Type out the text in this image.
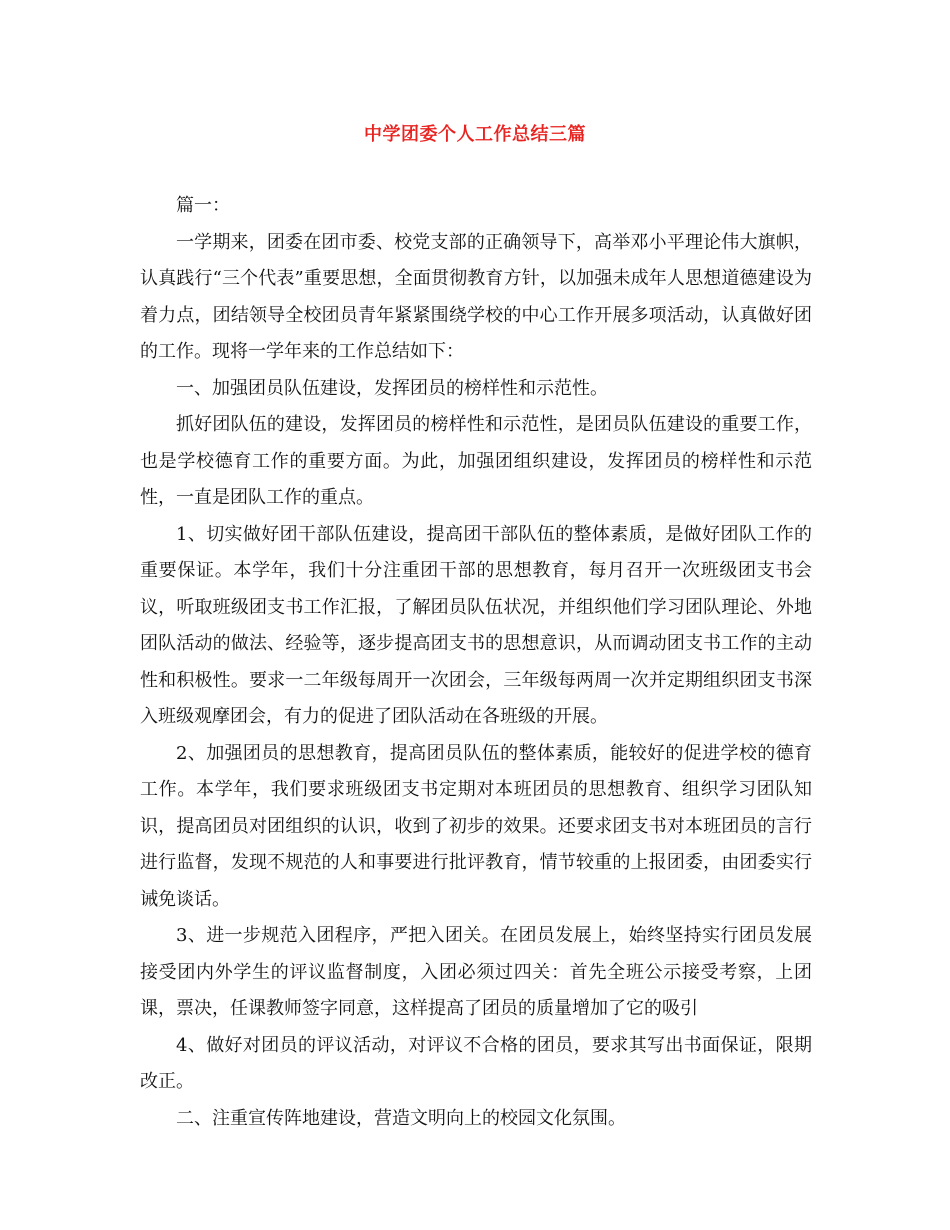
中学团委个人工作总结三篇

篇一：

一学期来，团委在团市委、校党支部的正确领导下，高举邓小平理论伟大旗帜，认真践行“三个代表”重要思想，全面贯彻教育方针，以加强未成年人思想道德建设为着力点，团结领导全校团员青年紧紧围绕学校的中心工作开展多项活动，认真做好团的工作。现将一学年来的工作总结如下：

一、加强团员队伍建设，发挥团员的榜样性和示范性。

抓好团队伍的建设，发挥团员的榜样性和示范性，是团员队伍建设的重要工作，也是学校德育工作的重要方面。为此，加强团组织建设，发挥团员的榜样性和示范性，一直是团队工作的重点。

1、切实做好团干部队伍建设，提高团干部队伍的整体素质，是做好团队工作的重要保证。本学年，我们十分注重团干部的思想教育，每月召开一次班级团支书会议，听取班级团支书工作汇报，了解团员队伍状况，并组织他们学习团队理论、外地团队活动的做法、经验等，逐步提高团支书的思想意识，从而调动团支书工作的主动性和积极性。要求一二年级每周开一次团会，三年级每两周一次并定期组织团支书深入班级观摩团会，有力的促进了团队活动在各班级的开展。

2、加强团员的思想教育，提高团员队伍的整体素质，能较好的促进学校的德育工作。本学年，我们要求班级团支书定期对本班团员的思想教育、组织学习团队知识，提高团员对团组织的认识，收到了初步的效果。还要求团支书对本班团员的言行进行监督，发现不规范的人和事要进行批评教育，情节较重的上报团委，由团委实行诫免谈话。

3、进一步规范入团程序，严把入团关。在团员发展上，始终坚持实行团员发展接受团内外学生的评议监督制度，入团必须过四关：首先全班公示接受考察，上团课，票决，任课教师签字同意，这样提高了团员的质量增加了它的吸引

4、做好对团员的评议活动，对评议不合格的团员，要求其写出书面保证，限期改正。

二、注重宣传阵地建设，营造文明向上的校园文化氛围。
